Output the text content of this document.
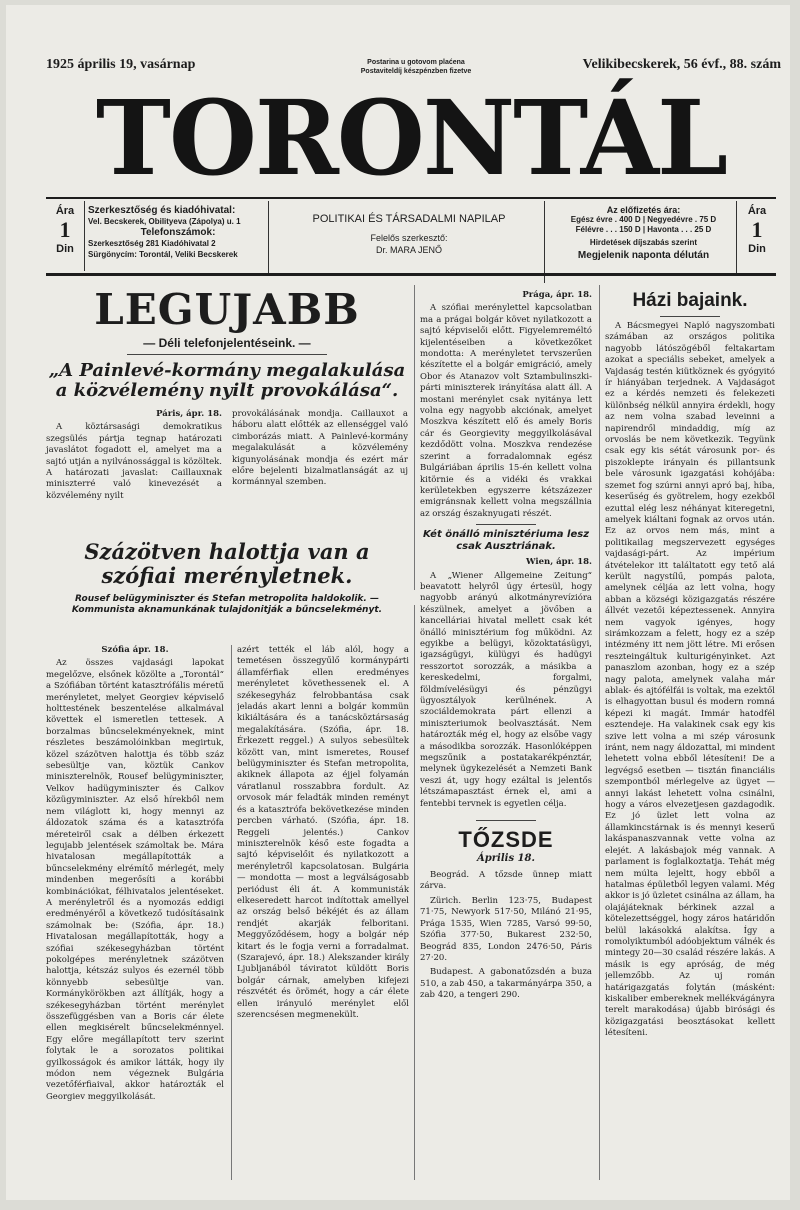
1925 április 19, vasárnap	Postarina u gotovom plaćena
Postaviteldíj készpénzben fizetve	Velikibecskerek, 56 évf., 88. szám
TORONTÁL
Ára
1
Din
Szerkesztőség és kiadóhivatal:
Vel. Becskerek, Obilityeva (Zápolya) u. 1
Telefonszámok:
Szerkesztőség 281 Kiadóhivatal 2
Sürgönycím: Torontál, Veliki Becskerek
POLITIKAI ÉS TÁRSADALMI NAPILAP
Felelős szerkesztő:
Dr. MARA JENŐ
Az előfizetés ára:
Egész évre . 400 D | Negyedévre . 75 D
Félévre . . . 150 D | Havonta . . . 25 D
Hirdetések díjszabás szerint
Megjelenik naponta délután
Ára
1
Din
LEGUJABB
— Déli telefonjelentéseink. —
„A Painlevé-kormány megalakulása a közvélemény nyilt provokálása“.
Páris, ápr. 18.

A köztársasági demokratikus szegsülés pártja tegnap határozati javaslátot fogadott el, amelyet ma a sajtó utján a nyilvánossággal is közöltek. A határozati javaslat: Caillauxnak miniszterré való kinevezését a közvélemény nyilt

provokálásának mondja. Caillauxot a háboru alatt előtték az ellenséggel való cimborázás miatt. A Painlevé-kormány megalakulását a közvélemény kigunyolásának mondja és ezért már előre bejelenti bizalmatlanságát az uj kormánnyal szemben.

Százötven halottja van a szófiai merényletnek.
Rousef belügyminiszter és Stefan metropolita haldokolik. — Kommunista aknamunkának tulajdonitják a bűncselekményt.
Szófia ápr. 18.

Az összes vajdasági lapokat megelőzve, elsőnek közölte a „Torontál“ a Szófiában történt katasztrófális méretű merényletet, melyet Georgiev képviselő holttestének beszentelése alkalmával követtek el ismeretlen tettesek. A borzalmas bűncselekményeknek, mint részletes beszámolóinkban megirtuk, közel százötven halottja és több száz sebesültje van, köztük Cankov miniszterelnök, Rousef belügyminiszter, Velkov hadügyminiszter és Calkov közügyminiszter. Az első hírekből nem nem világlott ki, hogy mennyi az áldozatok száma és a katasztrófa méreteiről csak a délben érkezett legujabb jelentések számoltak be. Mára hivatalosan megállapították a bűncselekmény elrémítő mérlegét, mely mindenben megerősíti a korábbi kombinációkat, félhivatalos jelentéseket. A merényletről és a nyomozás eddigi eredményéről a következő tudósításaink számolnak be: (Szófia, ápr. 18.) Hivatalosan megállapították, hogy a szófiai székesegyházban történt pokolgépes merényletnek százötven halottja, kétszáz sulyos és ezernél több könnyebb sebesültje van. Kormánykörökben azt állítják, hogy a székesegyházban történt merénylet összefüggésben van a Boris cár élete ellen megkisérelt bűncselekménnyel. Egy előre megállapított terv szerint folytak le a sorozatos politikai gyilkosságok és amikor látták, hogy ily módon nem végeznek Bulgária vezetőférfiaival, akkor határozták el Georgiev meggyilkolását.

azért tették el láb alól, hogy a temetésen összegyűlő kormánypárti államférfiak ellen eredményes merényletet követhessenek el. A székesegyház felrobbantása csak jeladás akart lenni a bolgár kommün kikiáltására és a tanácsköztársaság megalakítására. (Szófia, ápr. 18. Érkezett reggel.) A sulyos sebesültek között van, mint ismeretes, Rousef belügyminiszter és Stefan metropolita, akiknek állapota az éjjel folyamán váratlanul rosszabbra fordult. Az orvosok már feladták minden reményt és a katasztrófa bekövetkezése minden percben várható. (Szófia, ápr. 18. Reggeli jelentés.) Cankov miniszterelnök késő este fogadta a sajtó képviselőit és nyilatkozott a merényletről kapcsolatosan. Bulgária — mondotta — most a legválságosabb periódust éli át. A kommunisták elkeseredett harcot indítottak amellyel az ország belső békéjét és az állam rendjét akarják felboritani. Meggyőződésem, hogy a bolgár nép kitart és le fogja verni a forradalmat. (Szarajevó, ápr. 18.) Alekszander király Ljubljanából táviratot küldött Boris bolgár cárnak, amelyben kifejezi részvétét és örömét, hogy a cár élete ellen irányuló merénylet elől szerencsésen megmenekült.

Prága, ápr. 18.

A szófiai merénylettel kapcsolatban ma a prágai bolgár követ nyilatkozott a sajtó képviselői előtt. Figyelemreméltó kijelentéseiben a következőket mondotta: A merényletet tervszerűen készítette el a bolgár emigráció, amely Obor és Atanazov volt Sztambulinszki-párti miniszterek irányítása alatt áll. A mostani merénylet csak nyitánya lett volna egy nagyobb akciónak, amelyet Moszkva készített elő és amely Boris cár és Georgievity meggyilkolásával kezdődött volna. Moszkva rendezése szerint a forradalomnak egész Bulgáriában április 15-én kellett volna kitörnie és a vidéki és vrakkai kerületekben egyszerre kétszázezer emigránsnak kellett volna megszállnia az ország északnyugati részét.

Két önálló minisztériuma lesz csak Ausztriának.
Wien, ápr. 18.

A „Wiener Allgemeine Zeitung“ beavatott helyről úgy értesül, hogy nagyobb arányú alkotmányrevízióra készülnek, amelyet a jövőben a kancelláriai hivatal mellett csak két önálló minisztérium fog működni. Az egyikbe a belügyi, közoktatásügyi, igazságügyi, külügyi és hadügyi resszortot sorozzák, a másikba a kereskedelmi, forgalmi, földmívelésügyi és pénzügyi ügyosztályok kerülnének. A szociáldemokrata párt ellenzi a miniszteriumok beolvasztását. Nem határozták még el, hogy az elsőbe vagy a másodikba sorozzák. Hasonlóképpen megszűnik a postatakarékpénztár, melynek ügykezelését a Nemzeti Bank veszi át, ugy hogy ezáltal is jelentős létszámapasztást érnek el, ami a fentebbi tervnek is egyetlen célja.

TŐZSDE
Április 18.

Beográd. A tőzsde ünnep miatt zárva.

Zürich. Berlin 123·75, Budapest 71·75, Newyork 517·50, Milánó 21·95, Prága 1535, Wien 7285, Varsó 99·50, Szófia 377·50, Bukarest 232·50, Beográd 835, London 2476·50, Páris 27·20.

Budapest. A gabonatőzsdén a buza 510, a zab 450, a takarmányárpa 350, a zab 420, a tengeri 290.

Házi bajaink.

A Bácsmegyei Napló nagyszombati számában az országos politika nagyobb látószögéből feltakartam azokat a speciális sebeket, amelyek a Vajdaság testén kiütköznek és gyógyitó ír hiányában terjednek. A Vajdaságot ez a kérdés nemzeti és felekezeti különbség nélkül annyira érdekli, hogy az nem volna szabad leveinni a napirendről mindaddig, míg az orvoslás be nem következik. Tegyünk csak egy kis sétát városunk por- és piszoklepte irányain és pillantsunk bele városunk igazgatási kohójába: szemet fog szúrni annyi apró baj, hiba, keserűség és gyötrelem, hogy ezekből ezuttal elég lesz néhányat kiteregetni, amelyek kiáltani fognak az orvos után. Ez az orvos nem más, mint a politikailag megszervezett egységes vajdasági-párt. Az impérium átvételekor itt találtatott egy tető alá került nagystílű, pompás palota, amelynek céljáa az lett volna, hogy abban a községi közigazgatás részére állvét vezetői képeztessenek. Annyira nem vagyok igényes, hogy sirámkozzam a felett, hogy ez a szép intézmény itt nem jött létre. Mi erősen reszteingáltuk kulturigényinket. Azt panaszlom azonban, hogy ez a szép nagy palota, amelynek valaha már ablak- és ajtófélfái is voltak, ma ezektől is elhagyottan busul és modern romná képezi ki magát. Immár hatodfél esztendeje. Ha valakinek csak egy kis szive lett volna a mi szép városunk iránt, nem nagy áldozattal, mi mindent lehetett volna ebből létesíteni! De a legvégső esetben — tisztán financiális szempontból mérlegelve az ügyet — annyi lakást lehetett volna csinálni, hogy a város elvezetjesen gazdagodik. Ez jó üzlet lett volna az államkincstárnak is és mennyi keserű lakáspanaszvannak vette volna az elejét. A lakásbajok még vannak. A parlament is foglalkoztatja. Tehát még nem múlta lejeltt, hogy ebből a hatalmas épületből legyen valami. Még akkor is jó üzletet csinálna az állam, ha olajájáteknak bérkinek azzal a kötelezettséggel, hogy záros határidőn belül lakásokká alakítsa. Így a romolyiktumból adóobjektum válnék és mintegy 20—30 család részére lakás. A másik is egy apróság, de még jellemzőbb. Az uj román határigazgatás folytán (másként: kiskaliber embereknek mellékvágányra terelt marakodása) újabb birósági és közigazgatási beosztásokat kellett létesíteni.
